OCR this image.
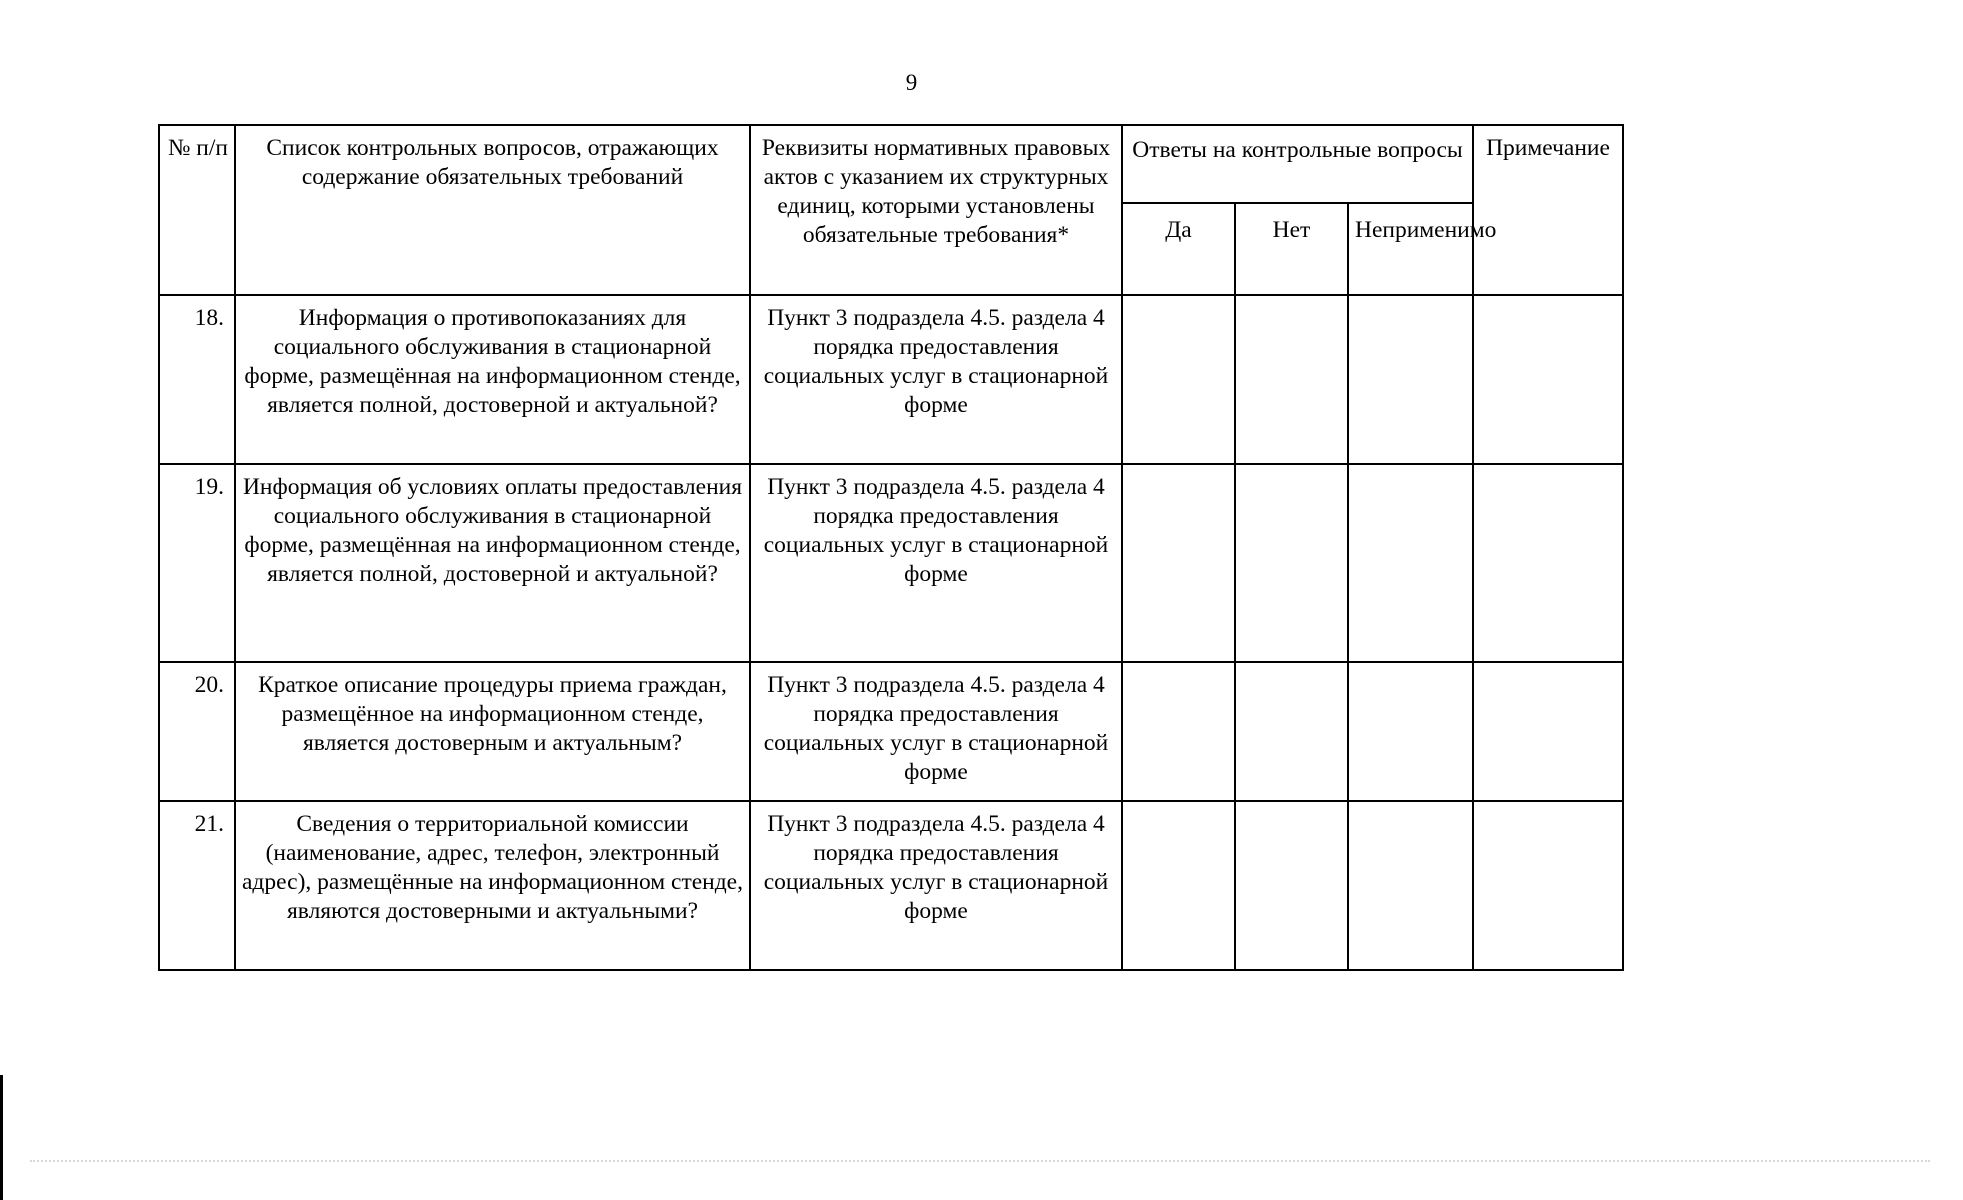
9
№ п/п	Список контрольных вопросов, отражающих содержание обязательных требований	Реквизиты нормативных правовых актов с указанием их структурных единиц, которыми установлены обязательные требования*	Ответы на контрольные вопросы			Примечание
			Да	Нет	Неприменимо	
18.	Информация о противопоказаниях для социального обслуживания в стационарной форме, размещённая на информационном стенде, является полной, достоверной и актуальной?	Пункт 3 подраздела 4.5. раздела 4 порядка предоставления социальных услуг в стационарной форме				
19.	Информация об условиях оплаты предоставления социального обслуживания в стационарной форме, размещённая на информационном стенде, является полной, достоверной и актуальной?	Пункт 3 подраздела 4.5. раздела 4 порядка предоставления социальных услуг в стационарной форме				
20.	Краткое описание процедуры приема граждан, размещённое на информационном стенде, является достоверным и актуальным?	Пункт 3 подраздела 4.5. раздела 4 порядка предоставления социальных услуг в стационарной форме				
21.	Сведения о территориальной комиссии (наименование, адрес, телефон, электронный адрес), размещённые на информационном стенде, являются достоверными и актуальными?	Пункт 3 подраздела 4.5. раздела 4 порядка предоставления социальных услуг в стационарной форме				
